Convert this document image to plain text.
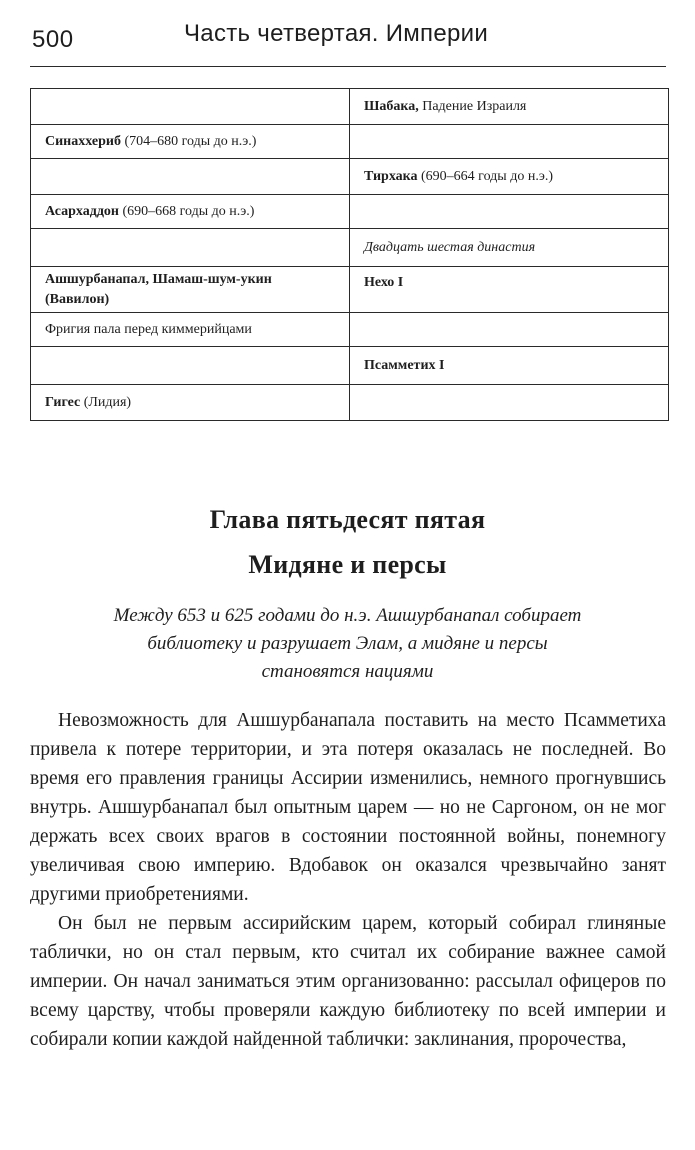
500	Часть четвертая. Империи
	Шабака, Падение Израиля
Синаххериб (704–680 годы до н.э.)	
	Тирхака (690–664 годы до н.э.)
Асархаддон (690–668 годы до н.э.)	
	Двадцать шестая династия
Ашшурбанапал, Шамаш-шум-укин (Вавилон)	Нехо I
Фригия пала перед киммерийцами	
	Псамметих I
Гигес (Лидия)	
Глава пятьдесят пятая
Мидяне и персы
Между 653 и 625 годами до н.э. Ашшурбанапал собирает
библиотеку и разрушает Элам, а мидяне и персы
становятся нациями

Невозможность для Ашшурбанапала поставить на место Псамметиха привела к потере территории, и эта потеря оказалась не последней. Во время его правления границы Ассирии изменились, немного прогнувшись внутрь. Ашшурбанапал был опытным царем — но не Саргоном, он не мог держать всех своих врагов в состоянии постоянной войны, понемногу увеличивая свою империю. Вдобавок он оказался чрезвычайно занят другими приобретениями.

Он был не первым ассирийским царем, который собирал глиняные таблички, но он стал первым, кто считал их собирание важнее самой империи. Он начал заниматься этим организованно: рассылал офицеров по всему царству, чтобы проверяли каждую библиотеку по всей империи и собирали копии каждой найденной таблички: заклинания, пророчества,
